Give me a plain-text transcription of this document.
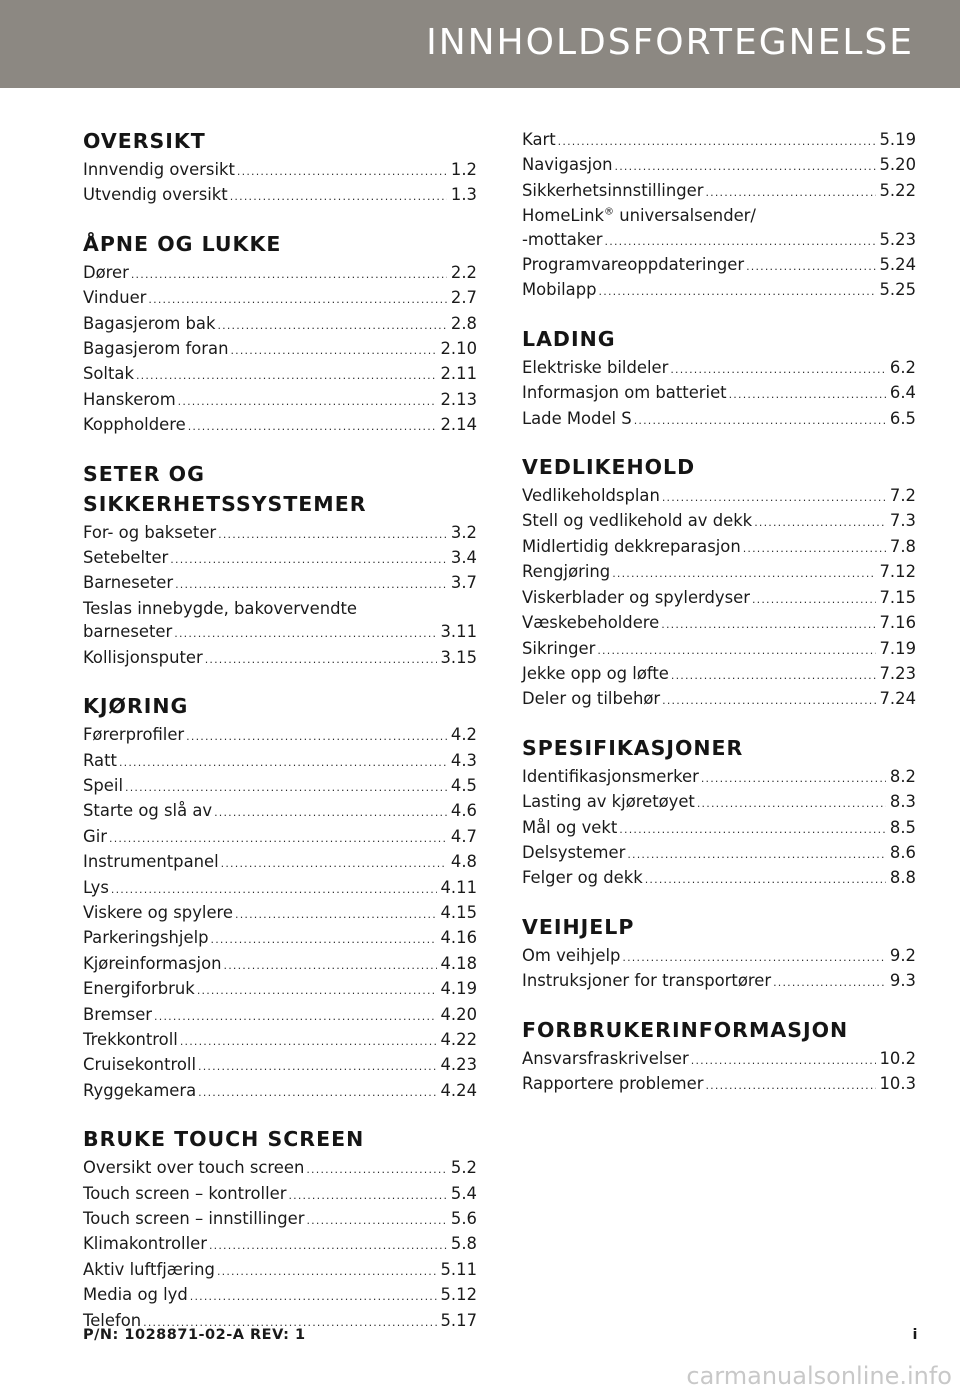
INNHOLDSFORTEGNELSE
OVERSIKT
Innvendig oversikt .....	1.2
Utvendig oversikt .....	1.3
ÅPNE OG LUKKE
Dører .....	2.2
Vinduer .....	2.7
Bagasjerom bak .....	2.8
Bagasjerom foran .....	2.10
Soltak .....	2.11
Hanskerom .....	2.13
Koppholdere .....	2.14
SETER OG SIKKERHETSSYSTEMER
For- og bakseter .....	3.2
Setebelter .....	3.4
Barneseter .....	3.7
Teslas innebygde, bakovervendte
barneseter .....	3.11
Kollisjonsputer .....	3.15
KJØRING
Førerprofiler .....	4.2
Ratt .....	4.3
Speil .....	4.5
Starte og slå av .....	4.6
Gir .....	4.7
Instrumentpanel .....	4.8
Lys .....	4.11
Viskere og spylere .....	4.15
Parkeringshjelp .....	4.16
Kjøreinformasjon .....	4.18
Energiforbruk .....	4.19
Bremser .....	4.20
Trekkontroll .....	4.22
Cruisekontroll .....	4.23
Ryggekamera .....	4.24
BRUKE TOUCH SCREEN
Oversikt over touch screen .....	5.2
Touch screen – kontroller .....	5.4
Touch screen – innstillinger .....	5.6
Klimakontroller .....	5.8
Aktiv luftfjæring .....	5.11
Media og lyd .....	5.12
Telefon .....	5.17
Kart .....	5.19
Navigasjon .....	5.20
Sikkerhetsinnstillinger .....	5.22
HomeLink® universalsender/
-mottaker .....	5.23
Programvareoppdateringer .....	5.24
Mobilapp .....	5.25
LADING
Elektriske bildeler .....	6.2
Informasjon om batteriet .....	6.4
Lade Model S .....	6.5
VEDLIKEHOLD
Vedlikeholdsplan .....	7.2
Stell og vedlikehold av dekk .....	7.3
Midlertidig dekkreparasjon .....	7.8
Rengjøring .....	7.12
Viskerblader og spylerdyser .....	7.15
Væskebeholdere .....	7.16
Sikringer .....	7.19
Jekke opp og løfte .....	7.23
Deler og tilbehør .....	7.24
SPESIFIKASJONER
Identifikasjonsmerker .....	8.2
Lasting av kjøretøyet .....	8.3
Mål og vekt .....	8.5
Delsystemer .....	8.6
Felger og dekk .....	8.8
VEIHJELP
Om veihjelp .....	9.2
Instruksjoner for transportører .....	9.3
FORBRUKERINFORMASJON
Ansvarsfraskrivelser .....	10.2
Rapportere problemer .....	10.3
P/N: 1028871-02-A REV: 1	i
carmanualsonline.info
